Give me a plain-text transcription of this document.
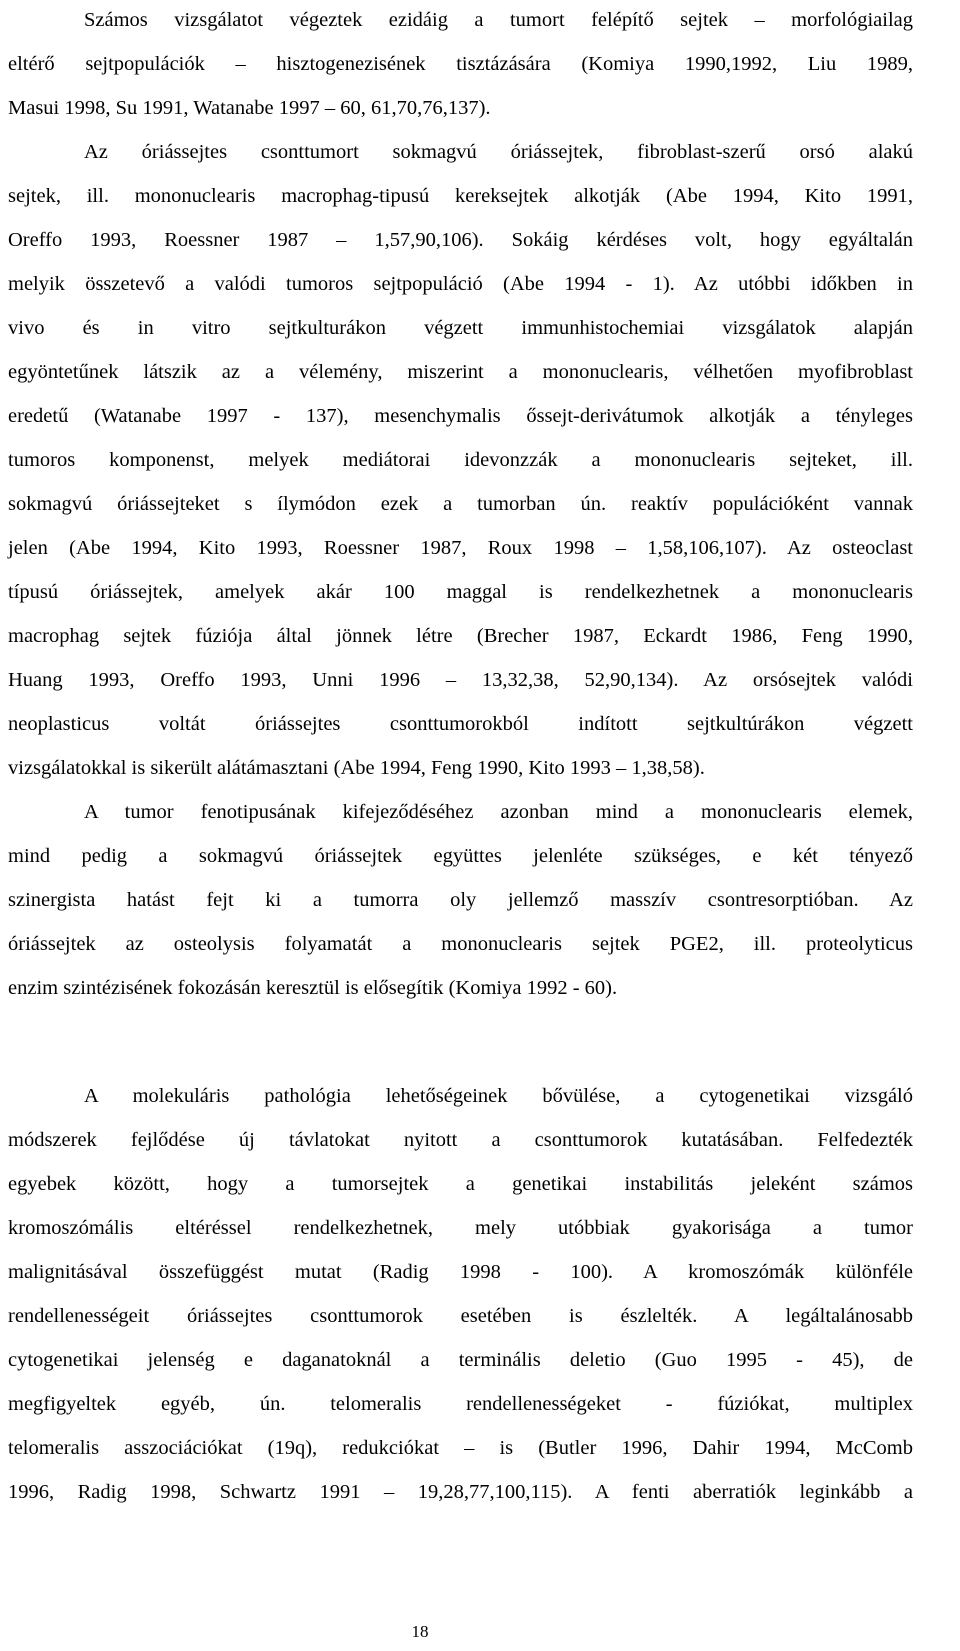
Számos vizsgálatot végeztek ezidáig a tumort felépítő sejtek – morfológiailag
eltérő sejtpopulációk – hisztogenezisének tisztázására (Komiya 1990,1992, Liu 1989,
Masui 1998, Su 1991, Watanabe 1997 – 60, 61,70,76,137).
Az óriássejtes csonttumort sokmagvú óriássejtek, fibroblast-szerű orsó alakú
sejtek, ill. mononuclearis macrophag-tipusú kereksejtek alkotják (Abe 1994, Kito 1991,
Oreffo 1993, Roessner 1987 – 1,57,90,106). Sokáig kérdéses volt, hogy egyáltalán
melyik összetevő a valódi tumoros sejtpopuláció (Abe 1994 - 1). Az utóbbi időkben in
vivo és in vitro sejtkulturákon végzett immunhistochemiai vizsgálatok alapján
egyöntetűnek látszik az a vélemény, miszerint a mononuclearis, vélhetően myofibroblast
eredetű (Watanabe 1997 - 137), mesenchymalis őssejt-derivátumok alkotják a tényleges
tumoros komponenst, melyek mediátorai idevonzzák a mononuclearis sejteket, ill.
sokmagvú óriássejteket s ílymódon ezek a tumorban ún. reaktív populációként vannak
jelen (Abe 1994, Kito 1993, Roessner 1987, Roux 1998 – 1,58,106,107). Az osteoclast
típusú óriássejtek, amelyek akár 100 maggal is rendelkezhetnek a mononuclearis
macrophag sejtek fúziója által jönnek létre (Brecher 1987, Eckardt 1986, Feng 1990,
Huang 1993, Oreffo 1993, Unni 1996 – 13,32,38, 52,90,134). Az orsósejtek valódi
neoplasticus voltát óriássejtes csonttumorokból indított sejtkultúrákon végzett
vizsgálatokkal is sikerült alátámasztani (Abe 1994, Feng 1990, Kito 1993 – 1,38,58).
A tumor fenotipusának kifejeződéséhez azonban mind a mononuclearis elemek,
mind pedig a sokmagvú óriássejtek együttes jelenléte szükséges, e két tényező
szinergista hatást fejt ki a tumorra oly jellemző masszív csontresorptióban. Az
óriássejtek az osteolysis folyamatát a mononuclearis sejtek PGE2, ill. proteolyticus
enzim szintézisének fokozásán keresztül is elősegítik (Komiya 1992 - 60).
A molekuláris pathológia lehetőségeinek bővülése, a cytogenetikai vizsgáló
módszerek fejlődése új távlatokat nyitott a csonttumorok kutatásában. Felfedezték
egyebek között, hogy a tumorsejtek a genetikai instabilitás jeleként számos
kromoszómális eltéréssel rendelkezhetnek, mely utóbbiak gyakorisága a tumor
malignitásával összefüggést mutat (Radig 1998 - 100). A kromoszómák különféle
rendellenességeit óriássejtes csonttumorok esetében is észlelték. A legáltalánosabb
cytogenetikai jelenség e daganatoknál a terminális deletio (Guo 1995 - 45), de
megfigyeltek egyéb, ún. telomeralis rendellenességeket - fúziókat, multiplex
telomeralis asszociációkat (19q), redukciókat – is (Butler 1996, Dahir 1994, McComb
1996, Radig 1998, Schwartz 1991 – 19,28,77,100,115). A fenti aberratiók leginkább a
18
